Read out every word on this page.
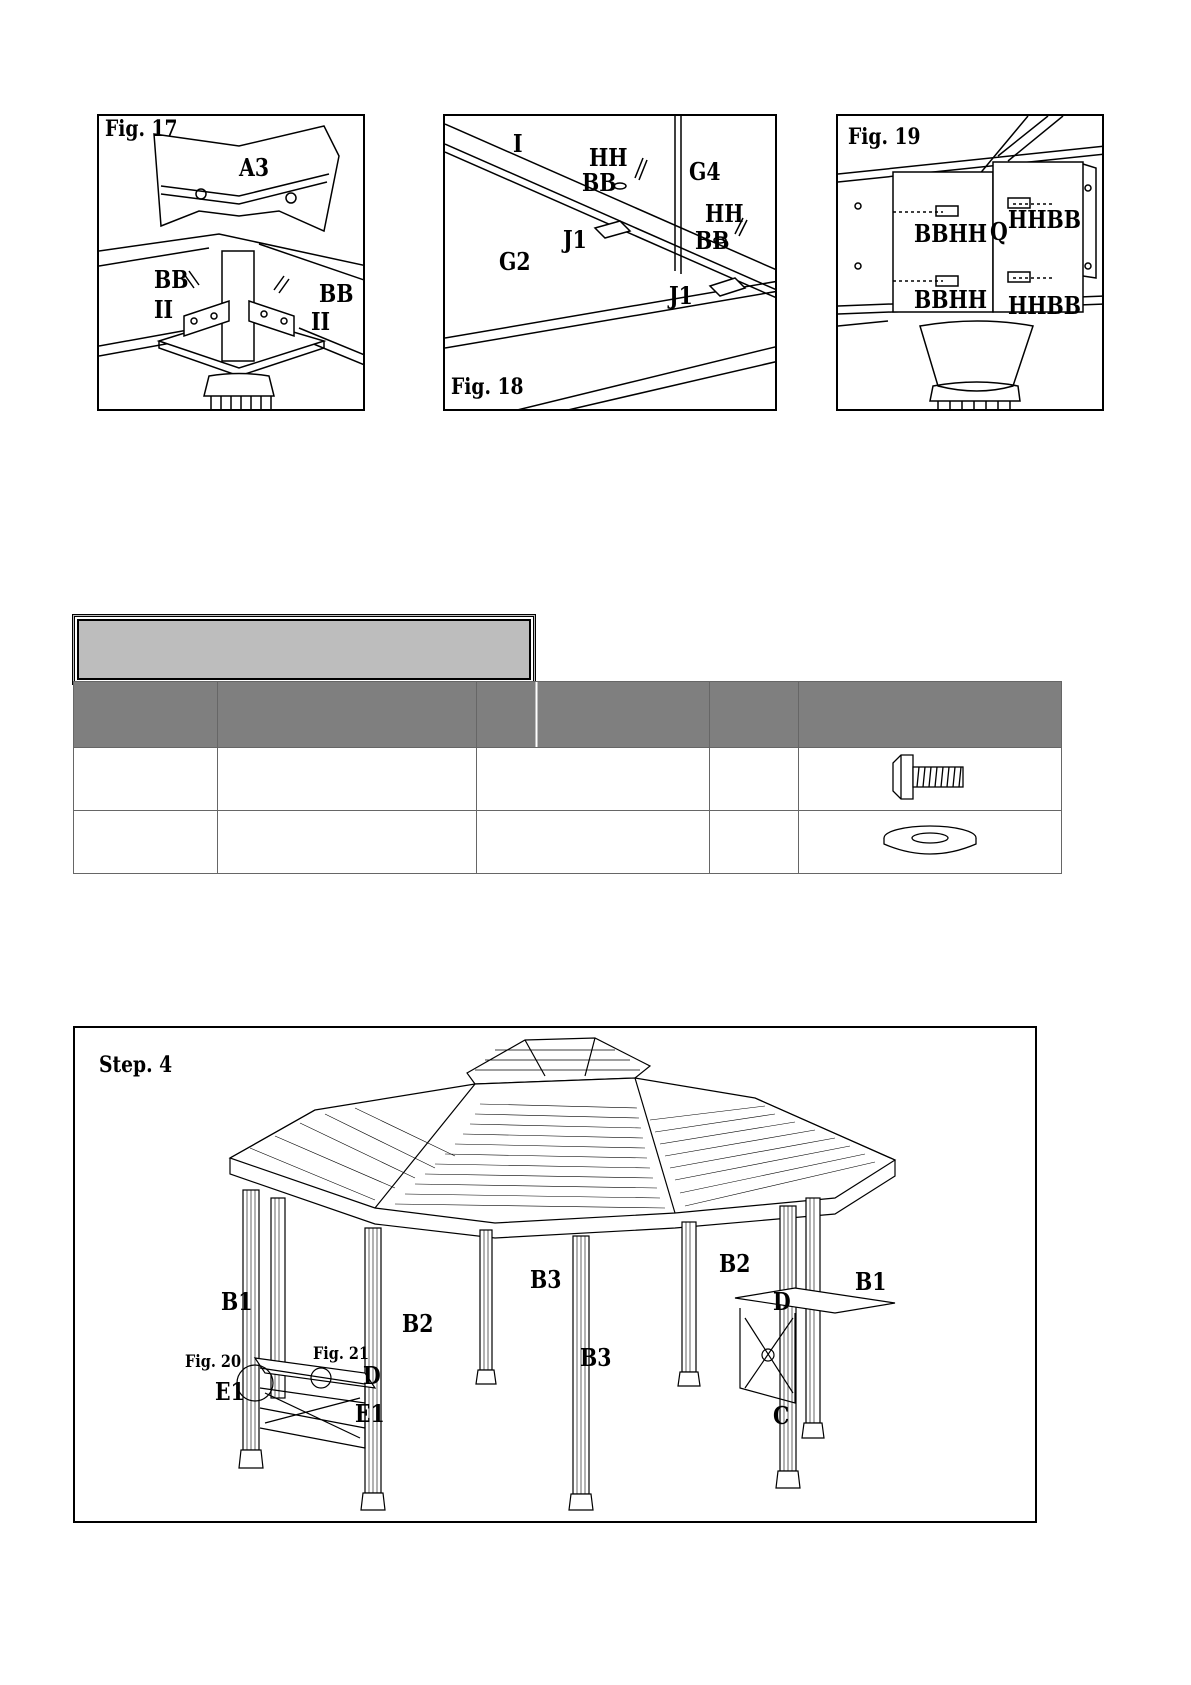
Fig. 17
A3
BB
II
BB
II
I	HH
BB	G4
HH
BB
J1
G2
J1
Fig. 18
Fig. 19
HHBB
BBHH Q
BBHH HHBB

Step. 4
B1
B2
B3
B3
B2
B1
D
C
Fig. 20
E1
Fig. 21
D
E1
